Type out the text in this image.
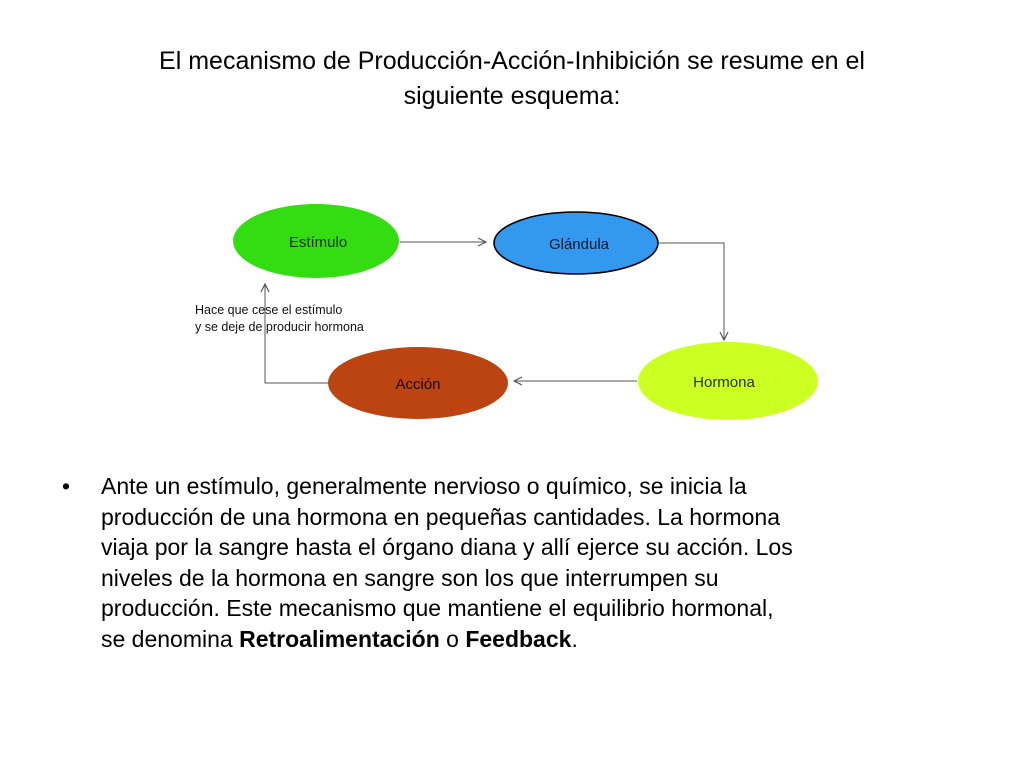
El mecanismo de Producción-Acción-Inhibición se resume en el
siguiente esquema:
Estímulo	Glándula
Hormona
Acción
Hace que cese el estímulo
y se deje de producir hormona
• Ante un estímulo, generalmente nervioso o químico, se inicia la
producción de una hormona en pequeñas cantidades. La hormona
viaja por la sangre hasta el órgano diana y allí ejerce su acción. Los
niveles de la hormona en sangre son los que interrumpen su
producción. Este mecanismo que mantiene el equilibrio hormonal,
se denomina Retroalimentación o Feedback.
